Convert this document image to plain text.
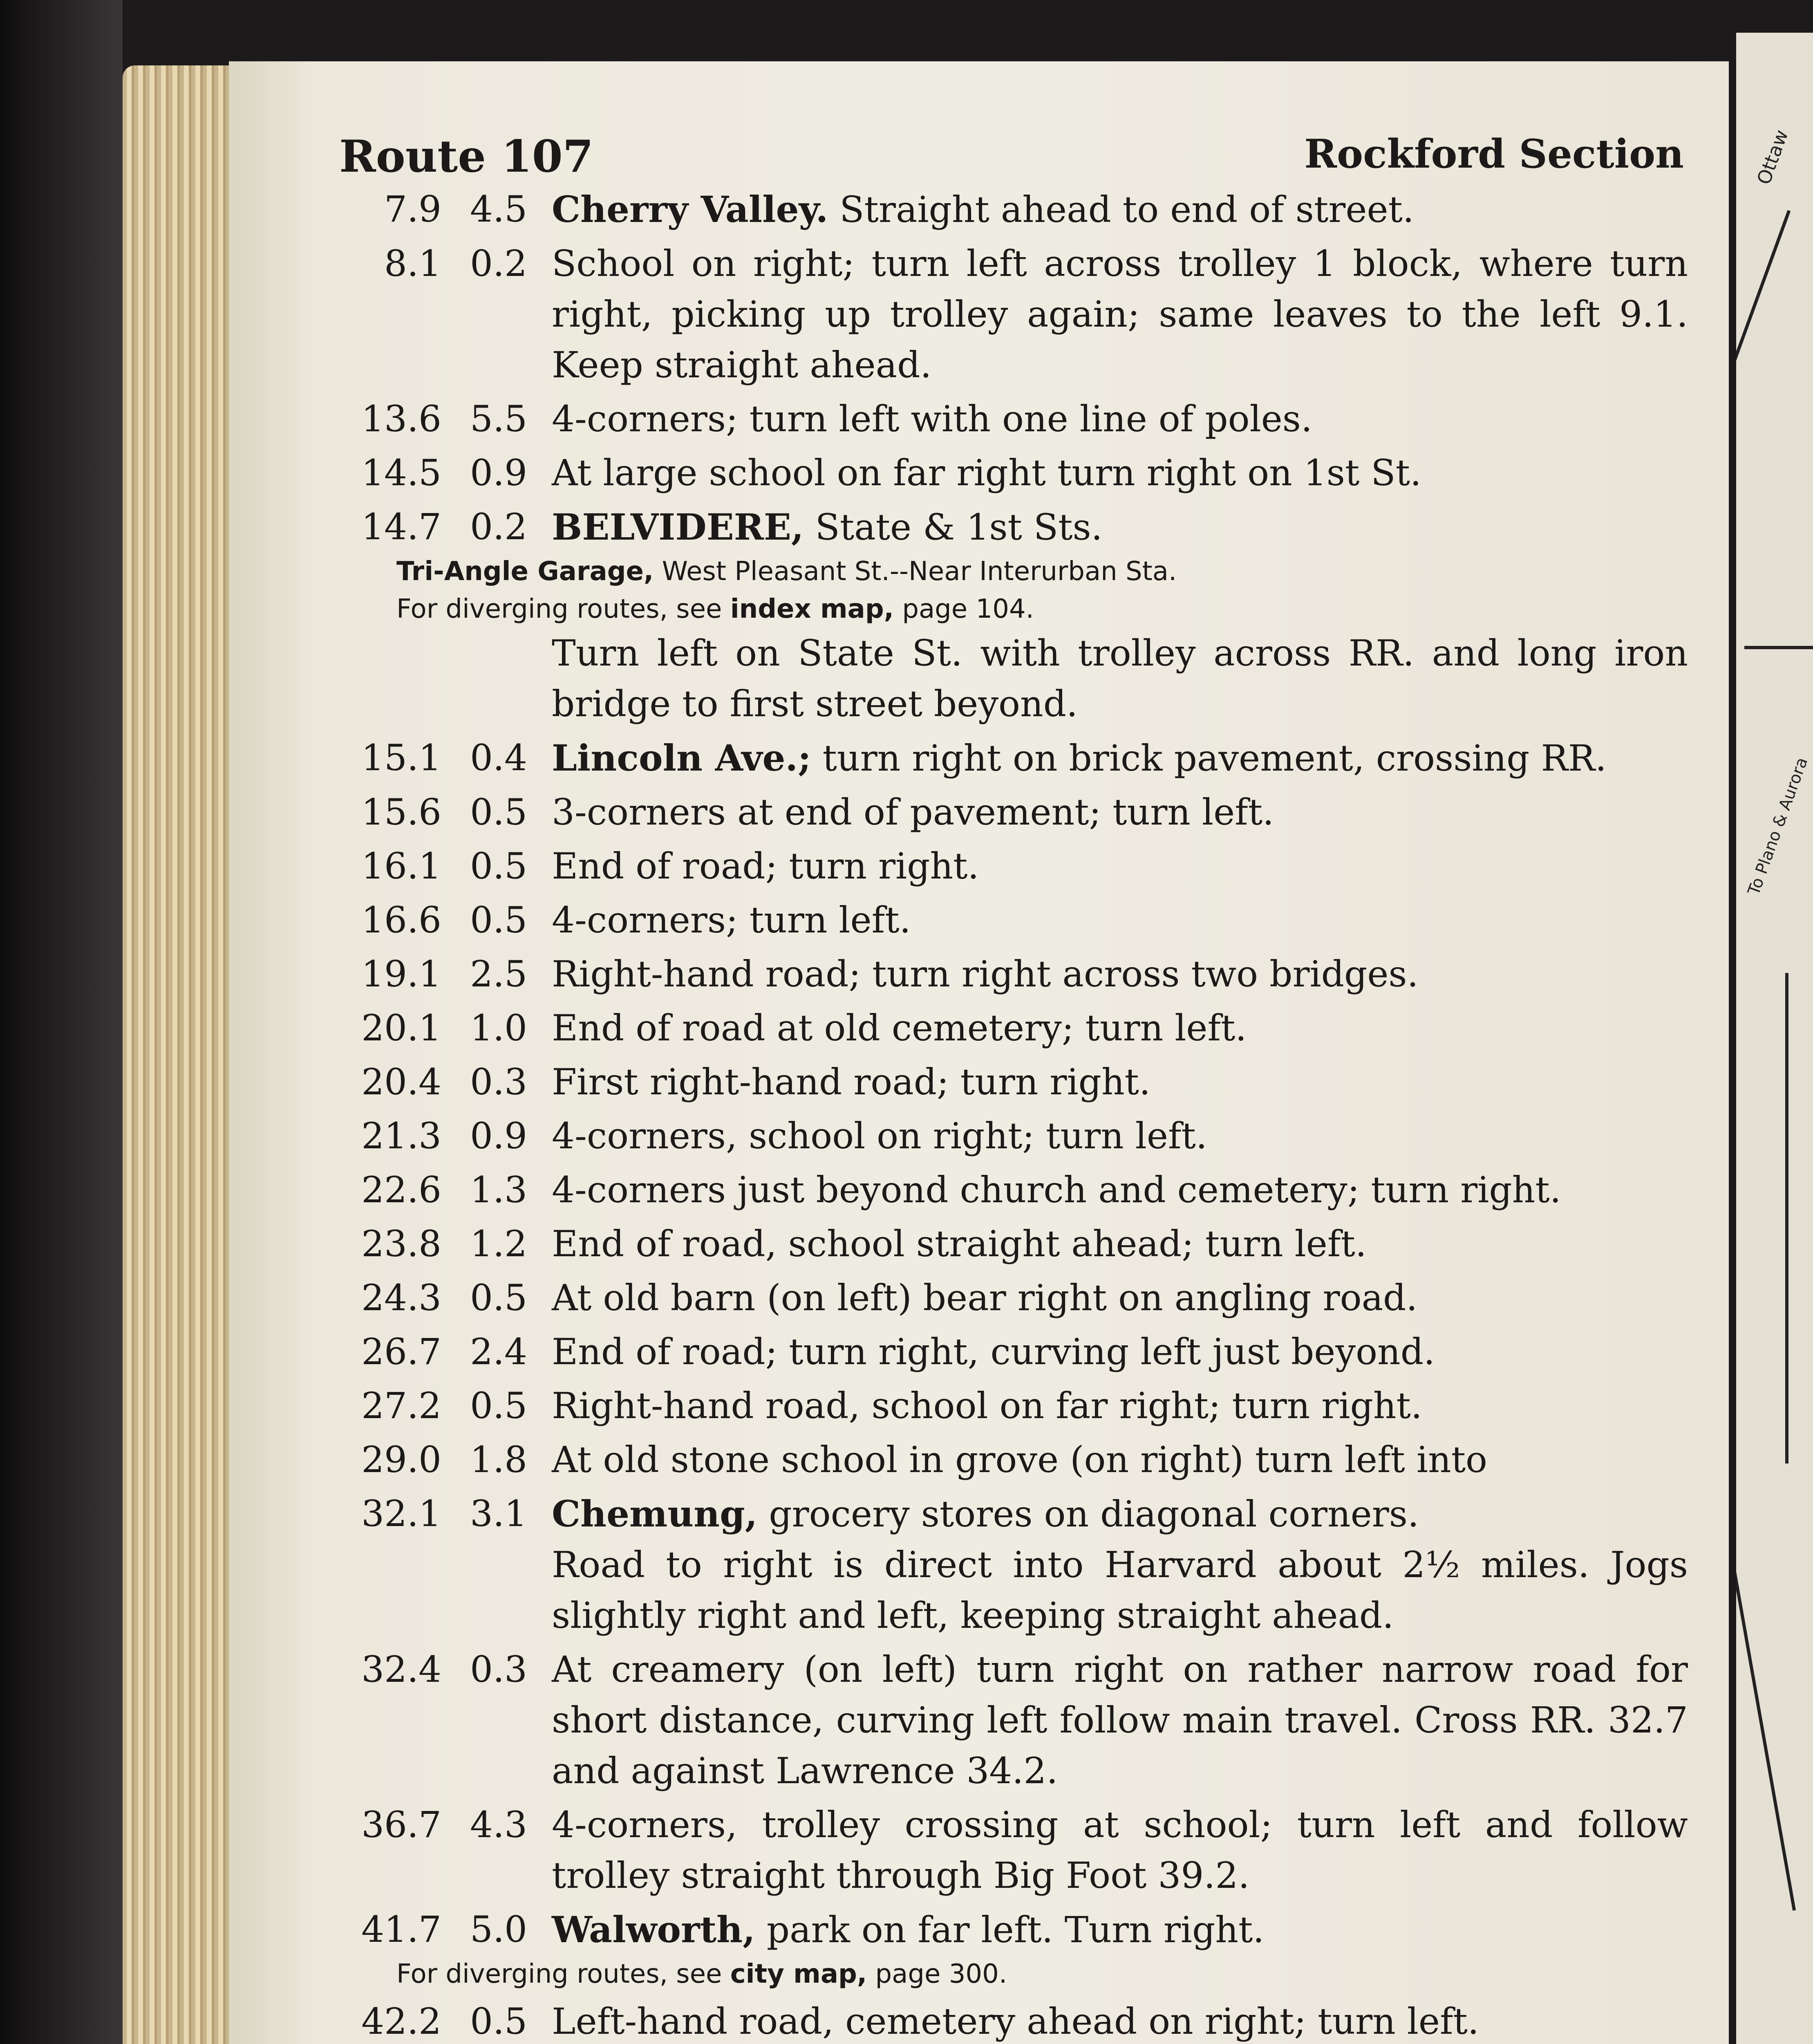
Route 107	Rockford Section
7.9 4.5 Cherry Valley. Straight ahead to end of street.
8.1 0.2 School on right; turn left across trolley 1 block, where turn right, picking up trolley again; same leaves to the left 9.1. Keep straight ahead.
13.6 5.5 4-corners; turn left with one line of poles.
14.5 0.9 At large school on far right turn right on 1st St.
14.7 0.2 BELVIDERE, State & 1st Sts.
Tri-Angle Garage, West Pleasant St.--Near Interurban Sta.
For diverging routes, see index map, page 104.
Turn left on State St. with trolley across RR. and long iron bridge to first street beyond.
15.1 0.4 Lincoln Ave.; turn right on brick pavement, crossing RR.
15.6 0.5 3-corners at end of pavement; turn left.
16.1 0.5 End of road; turn right.
16.6 0.5 4-corners; turn left.
19.1 2.5 Right-hand road; turn right across two bridges.
20.1 1.0 End of road at old cemetery; turn left.
20.4 0.3 First right-hand road; turn right.
21.3 0.9 4-corners, school on right; turn left.
22.6 1.3 4-corners just beyond church and cemetery; turn right.
23.8 1.2 End of road, school straight ahead; turn left.
24.3 0.5 At old barn (on left) bear right on angling road.
26.7 2.4 End of road; turn right, curving left just beyond.
27.2 0.5 Right-hand road, school on far right; turn right.
29.0 1.8 At old stone school in grove (on right) turn left into
32.1 3.1 Chemung, grocery stores on diagonal corners.
Road to right is direct into Harvard about 2½ miles. Jogs slightly right and left, keeping straight ahead.
32.4 0.3 At creamery (on left) turn right on rather narrow road for short distance, curving left follow main travel. Cross RR. 32.7 and against Lawrence 34.2.
36.7 4.3 4-corners, trolley crossing at school; turn left and follow trolley straight through Big Foot 39.2.
41.7 5.0 Walworth, park on far left. Turn right.
For diverging routes, see city map, page 300.
42.2 0.5 Left-hand road, cemetery ahead on right; turn left.
Ottaw
To Plano & Aurora
